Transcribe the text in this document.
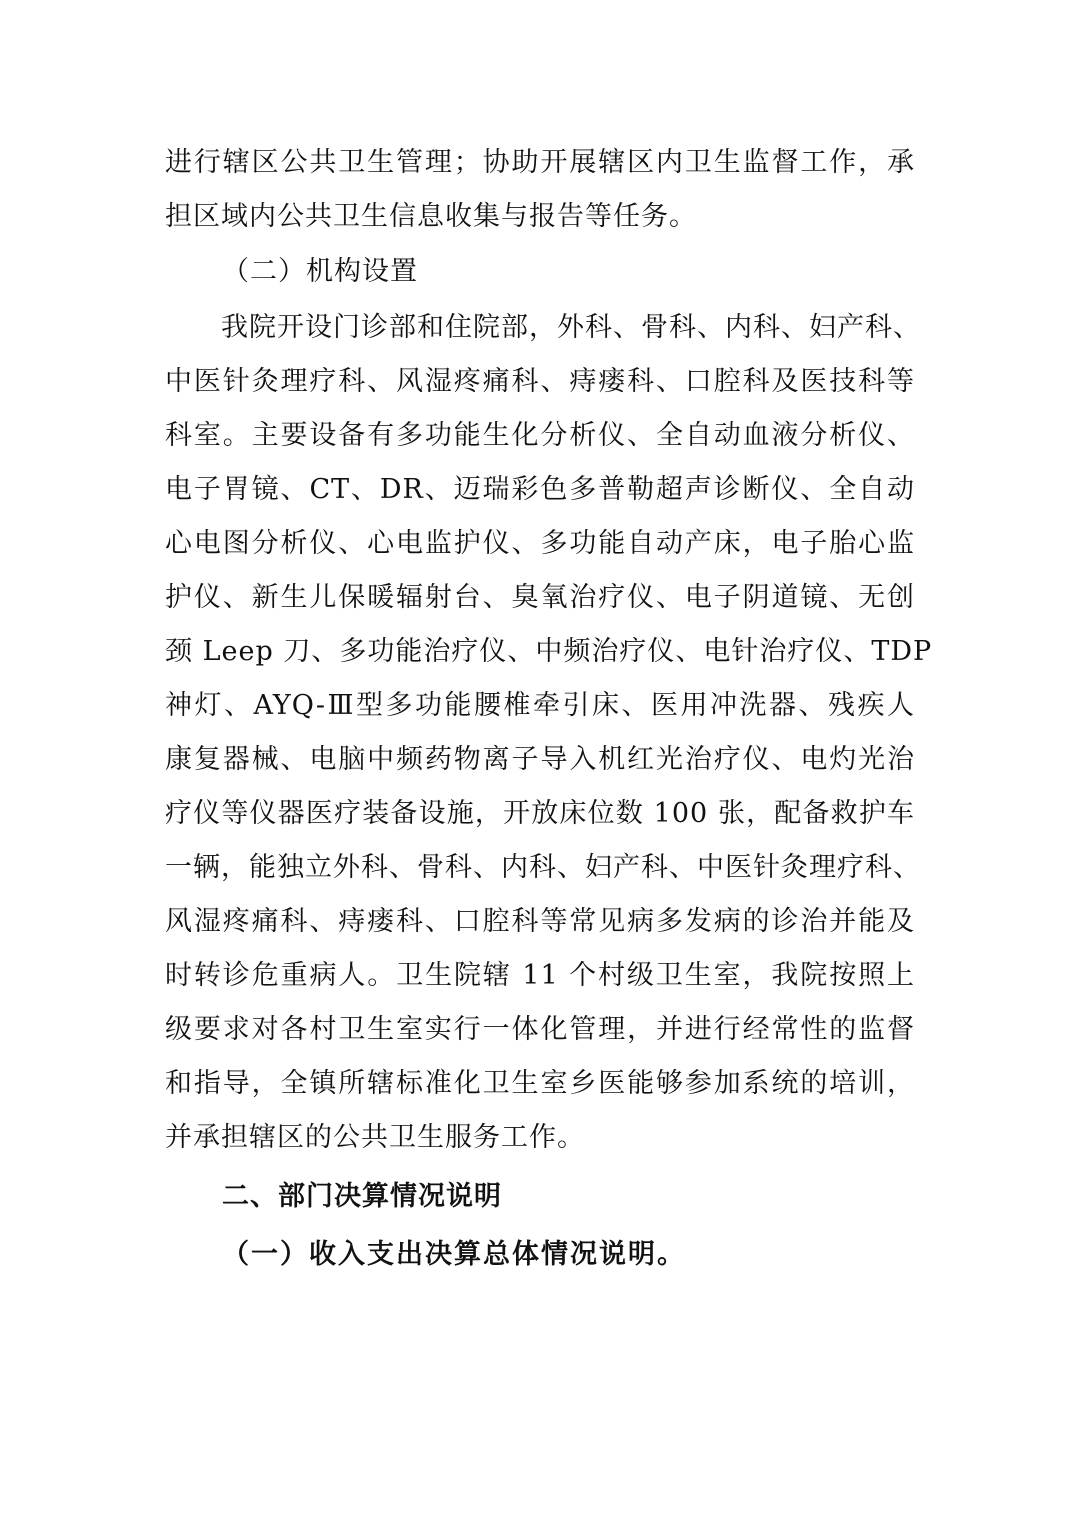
进行辖区公共卫生管理；协助开展辖区内卫生监督工作，承
担区域内公共卫生信息收集与报告等任务。
（二）机构设置
　　我院开设门诊部和住院部，外科、骨科、内科、妇产科、
中医针灸理疗科、风湿疼痛科、痔瘘科、口腔科及医技科等
科室。主要设备有多功能生化分析仪、全自动血液分析仪、
电子胃镜、CT、DR、迈瑞彩色多普勒超声诊断仪、全自动
心电图分析仪、心电监护仪、多功能自动产床，电子胎心监
护仪、新生儿保暖辐射台、臭氧治疗仪、电子阴道镜、无创
颈 Leep 刀、多功能治疗仪、中频治疗仪、电针治疗仪、TDP
神灯、AYQ-Ⅲ型多功能腰椎牵引床、医用冲洗器、残疾人
康复器械、电脑中频药物离子导入机红光治疗仪、电灼光治
疗仪等仪器医疗装备设施，开放床位数 100 张，配备救护车
一辆，能独立外科、骨科、内科、妇产科、中医针灸理疗科、
风湿疼痛科、痔瘘科、口腔科等常见病多发病的诊治并能及
时转诊危重病人。卫生院辖 11 个村级卫生室，我院按照上
级要求对各村卫生室实行一体化管理，并进行经常性的监督
和指导，全镇所辖标准化卫生室乡医能够参加系统的培训，
并承担辖区的公共卫生服务工作。
二、部门决算情况说明
（一）收入支出决算总体情况说明。
